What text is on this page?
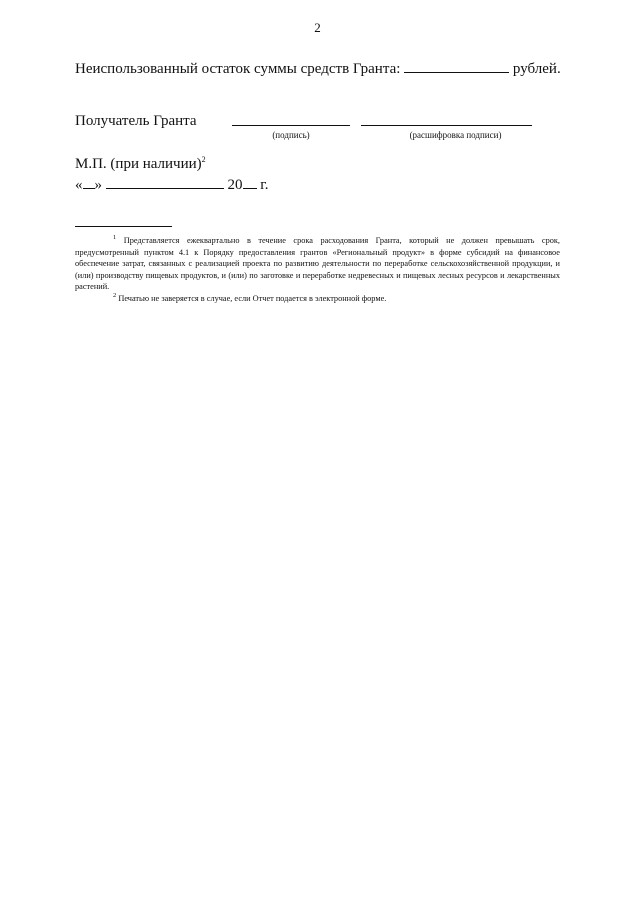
2
Неиспользованный остаток суммы средств Гранта:	рублей.
Получатель Гранта
(подпись)	(расшифровка подписи)
М.П. (при наличии)$^2$
« »	20 г.

$^1$ Представляется ежеквартально в течение срока расходования Гранта, который не должен превышать срок, предусмотренный пунктом 4.1 к Порядку предоставления грантов «Региональный продукт» в форме субсидий на финансовое обеспечение затрат, связанных с реализацией проекта по развитию деятельности по переработке сельскохозяйственной продукции, и (или) производству пищевых продуктов, и (или) по заготовке и переработке недревесных и пищевых лесных ресурсов и лекарственных растений.

$^2$ Печатью не заверяется в случае, если Отчет подается в электронной форме.
